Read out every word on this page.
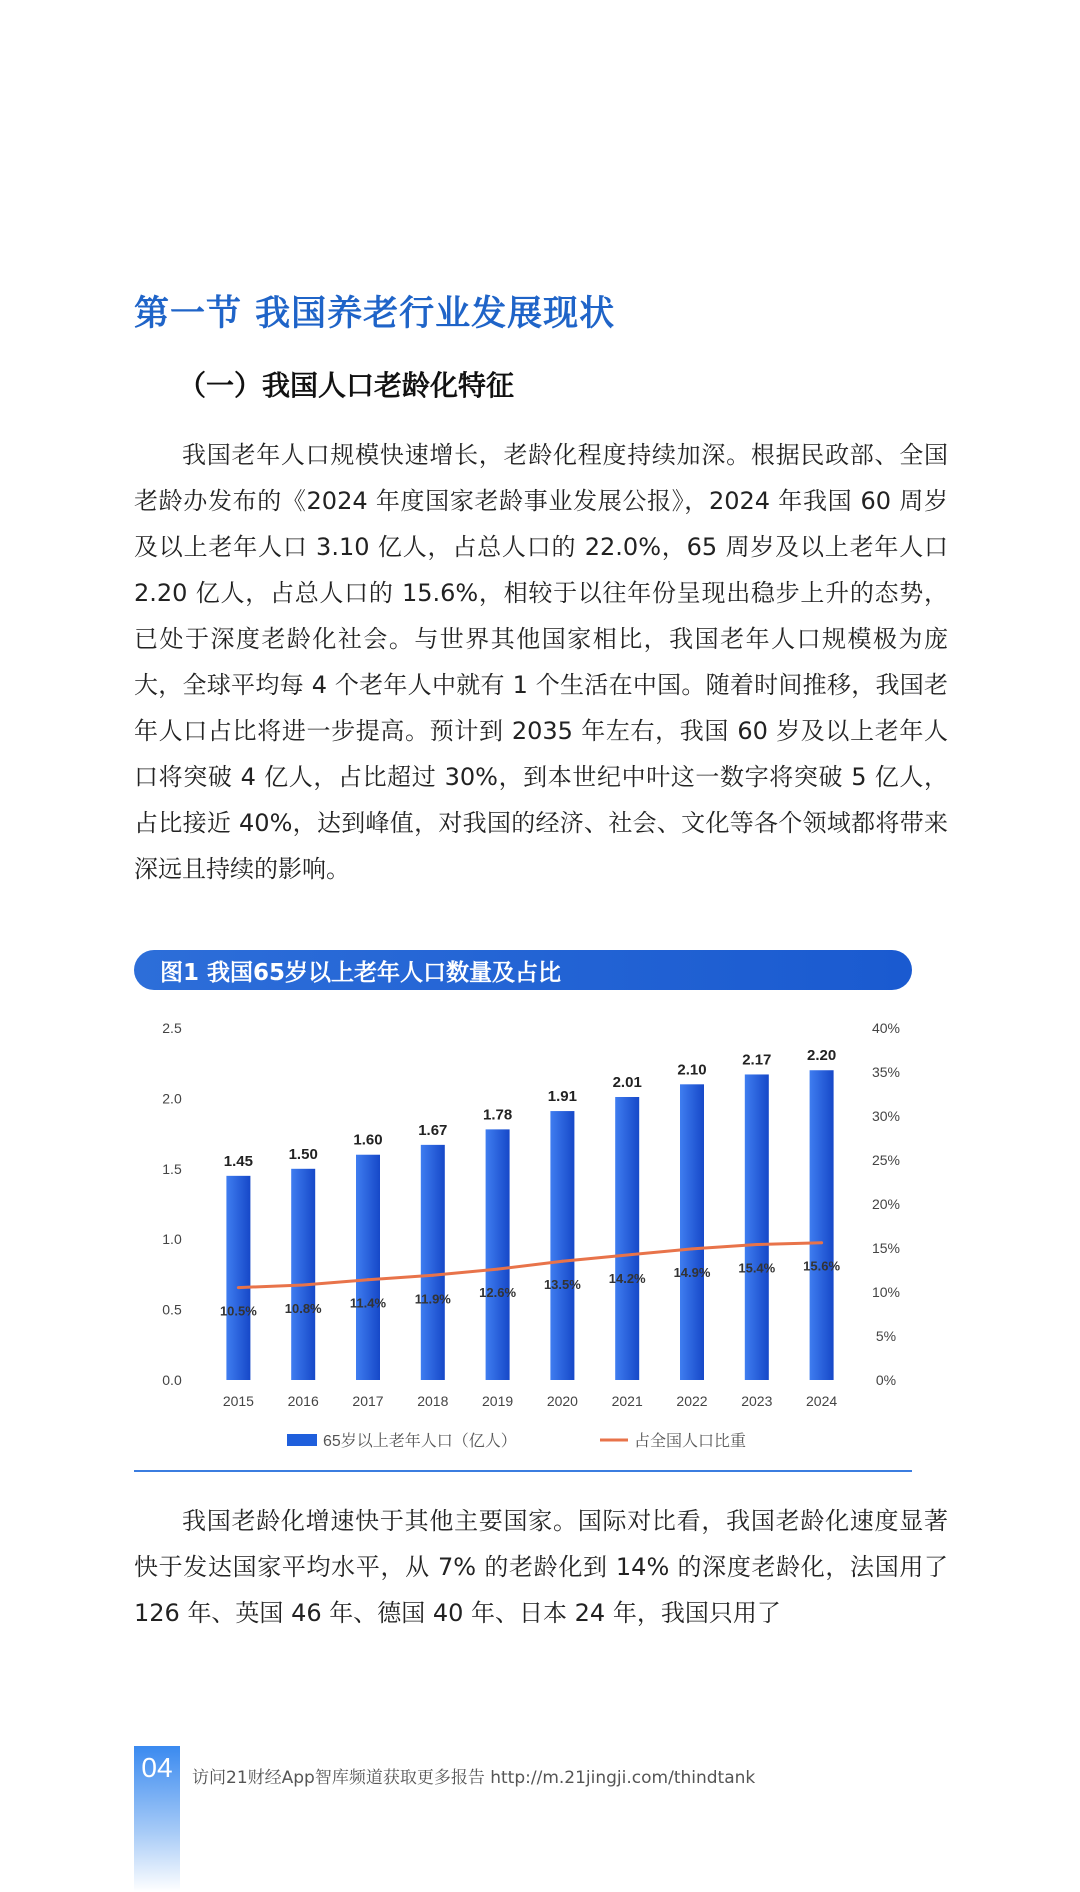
第一节 我国养老行业发展现状
（一）我国人口老龄化特征

我国老年人口规模快速增长，老龄化程度持续加深。根据民政部、全国老龄办发布的《2024 年度国家老龄事业发展公报》，2024 年我国 60 周岁及以上老年人口 3.10 亿人，占总人口的 22.0%，65 周岁及以上老年人口 2.20 亿人，占总人口的 15.6%，相较于以往年份呈现出稳步上升的态势，已处于深度老龄化社会。与世界其他国家相比，我国老年人口规模极为庞大，全球平均每 4 个老年人中就有 1 个生活在中国。随着时间推移，我国老年人口占比将进一步提高。预计到 2035 年左右，我国 60 岁及以上老年人口将突破 4 亿人，占比超过 30%，到本世纪中叶这一数字将突破 5 亿人，占比接近 40%，达到峰值，对我国的经济、社会、文化等各个领域都将带来深远且持续的影响。

图1 我国65岁以上老年人口数量及占比
0.0
0.5
1.0
1.5
2.0
2.5
0%
5%
10%
15%
20%
25%
30%
35%
40%
1.45 1.50
1.60
1.67
1.78
1.91
2.01
2.10
2.17 2.20
2015 2016 2017 2018 2019 2020 2021 2022 2023 2024
10.5% 10.8% 11.4% 11.9% 12.6%
13.5% 14.2% 14.9% 15.4% 15.6%
65岁以上老年人口（亿人）	占全国人口比重

我国老龄化增速快于其他主要国家。国际对比看，我国老龄化速度显著快于发达国家平均水平，从 7% 的老龄化到 14% 的深度老龄化，法国用了 126 年、英国 46 年、德国 40 年、日本 24 年，我国只用了

04	访问21财经App智库频道获取更多报告 http://m.21jingji.com/thindtank
